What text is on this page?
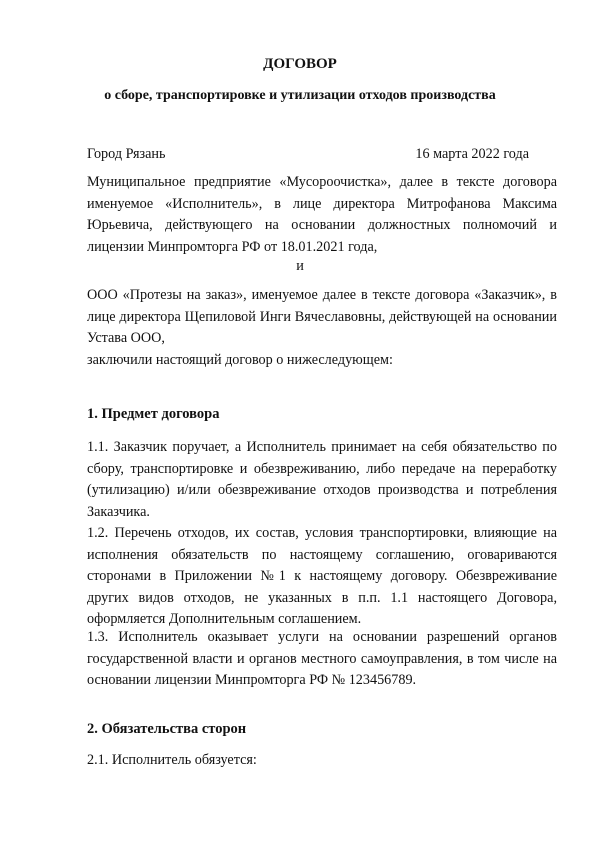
ДОГОВОР
о сборе, транспортировке и утилизации отходов производства
Город Рязань	16 марта 2022 года

Муниципальное предприятие «Мусороочистка», далее в тексте договора именуемое «Исполнитель», в лице директора Митрофанова Максима Юрьевича, действующего на основании должностных полномочий и лицензии Минпромторга РФ от 18.01.2021 года,

и

ООО «Протезы на заказ», именуемое далее в тексте договора «Заказчик», в лице директора Щепиловой Инги Вячеславовны, действующей на основании Устава ООО,

заключили настоящий договор о нижеследующем:

1. Предмет договора

1.1. Заказчик поручает, а Исполнитель принимает на себя обязательство по сбору, транспортировке и обезвреживанию, либо передаче на переработку (утилизацию) и/или обезвреживание отходов производства и потребления Заказчика.

1.2. Перечень отходов, их состав, условия транспортировки, влияющие на исполнения обязательств по настоящему соглашению, оговариваются сторонами в Приложении №1 к настоящему договору. Обезвреживание других видов отходов, не указанных в п.п. 1.1 настоящего Договора, оформляется Дополнительным соглашением.

1.3. Исполнитель оказывает услуги на основании разрешений органов государственной власти и органов местного самоуправления, в том числе на основании лицензии Минпромторга РФ № 123456789.

2. Обязательства сторон

2.1. Исполнитель обязуется:
